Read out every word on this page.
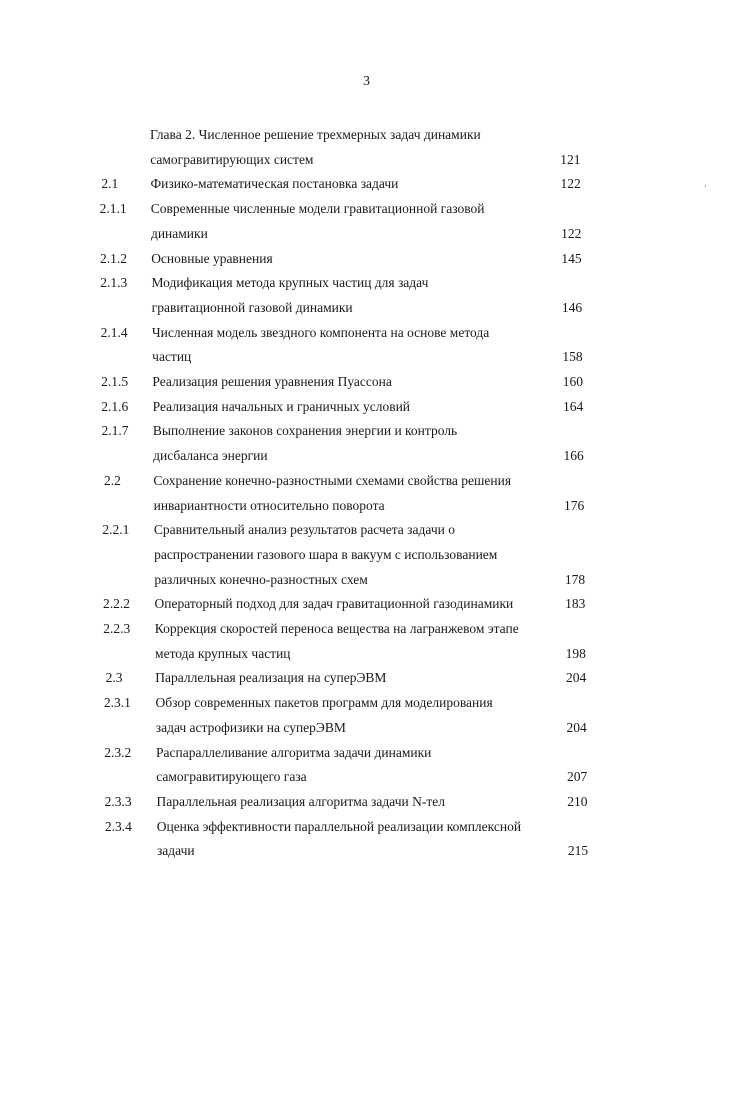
3
‘
Глава 2. Численное решение трехмерных задач динамики
самогравитирующих систем	121
2.1 Физико-математическая постановка задачи	122
2.1.1 Современные численные модели гравитационной газовой
динамики	122
2.1.2 Основные уравнения	145
2.1.3 Модификация метода крупных частиц для задач
гравитационной газовой динамики	146
2.1.4 Численная модель звездного компонента на основе метода
частиц	158
2.1.5 Реализация решения уравнения Пуассона	160
2.1.6 Реализация начальных и граничных условий	164
2.1.7 Выполнение законов сохранения энергии и контроль
дисбаланса энергии	166
2.2 Сохранение конечно-разностными схемами свойства решения
инвариантности относительно поворота	176
2.2.1 Сравнительный анализ результатов расчета задачи о
распространении газового шара в вакуум с использованием
различных конечно-разностных схем	178
2.2.2 Операторный подход для задач гравитационной газодинамики	183
2.2.3 Коррекция скоростей переноса вещества на лагранжевом этапе
метода крупных частиц	198
2.3 Параллельная реализация на суперЭВМ	204
2.3.1 Обзор современных пакетов программ для моделирования
задач астрофизики на суперЭВМ	204
2.3.2 Распараллеливание алгоритма задачи динамики
самогравитирующего газа	207
2.3.3 Параллельная реализация алгоритма задачи N-тел	210
2.3.4 Оценка эффективности параллельной реализации комплексной
задачи	215
